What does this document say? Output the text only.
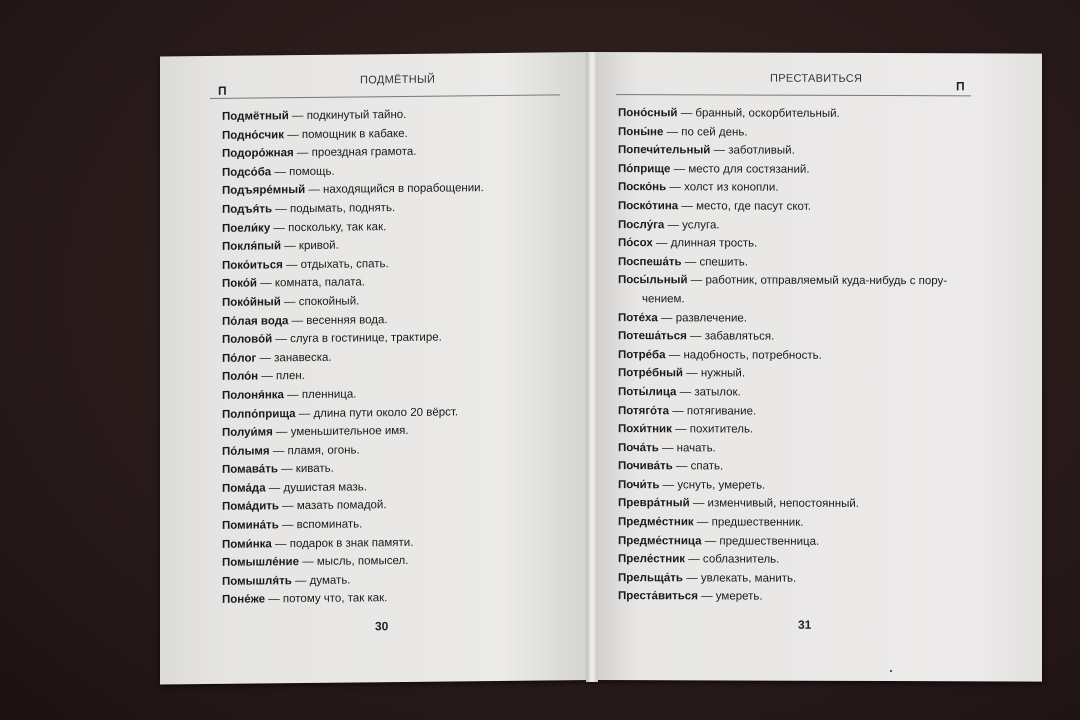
П
ПОДМЁТНЫЙ
Подмётный — подкинутый тайно.
Подно́счик — помощник в кабаке.
Подоро́жная — проездная грамота.
Подсо́ба — помощь.
Подъяре́мный — находящийся в порабощении.
Подъя́ть — подымать, поднять.
Поели́ку — поскольку, так как.
Покля́пый — кривой.
Поко́иться — отдыхать, спать.
Поко́й — комната, палата.
Поко́йный — спокойный.
По́лая вода — весенняя вода.
Полово́й — слуга в гостинице, трактире.
По́лог — занавеска.
Поло́н — плен.
Полоня́нка — пленница.
Полпо́прища — длина пути около 20 вёрст.
Полуи́мя — уменьшительное имя.
По́лымя — пламя, огонь.
Помава́ть — кивать.
Пома́да — душистая мазь.
Пома́дить — мазать помадой.
Помина́ть — вспоминать.
Поми́нка — подарок в знак памяти.
Помышле́ние — мысль, помысел.
Помышля́ть — думать.
Поне́же — потому что, так как.
30
ПРЕСТАВИТЬСЯ
П
Поно́сный — бранный, оскорбительный.
Поны́не — по сей день.
Попечи́тельный — заботливый.
По́прище — место для состязаний.
Поско́нь — холст из конопли.
Поско́тина — место, где пасут скот.
Послу́га — услуга.
По́сох — длинная трость.
Поспеша́ть — спешить.
Посы́льный — работник, отправляемый куда-нибудь с пору-
чением.
Поте́ха — развлечение.
Потеша́ться — забавляться.
Потре́ба — надобность, потребность.
Потре́бный — нужный.
Поты́лица — затылок.
Потяго́та — потягивание.
Похи́тник — похититель.
Поча́ть — начать.
Почива́ть — спать.
Почи́ть — уснуть, умереть.
Превра́тный — изменчивый, непостоянный.
Предме́стник — предшественник.
Предме́стница — предшественница.
Преле́стник — соблазнитель.
Прельща́ть — увлекать, манить.
Преста́виться — умереть.
31
